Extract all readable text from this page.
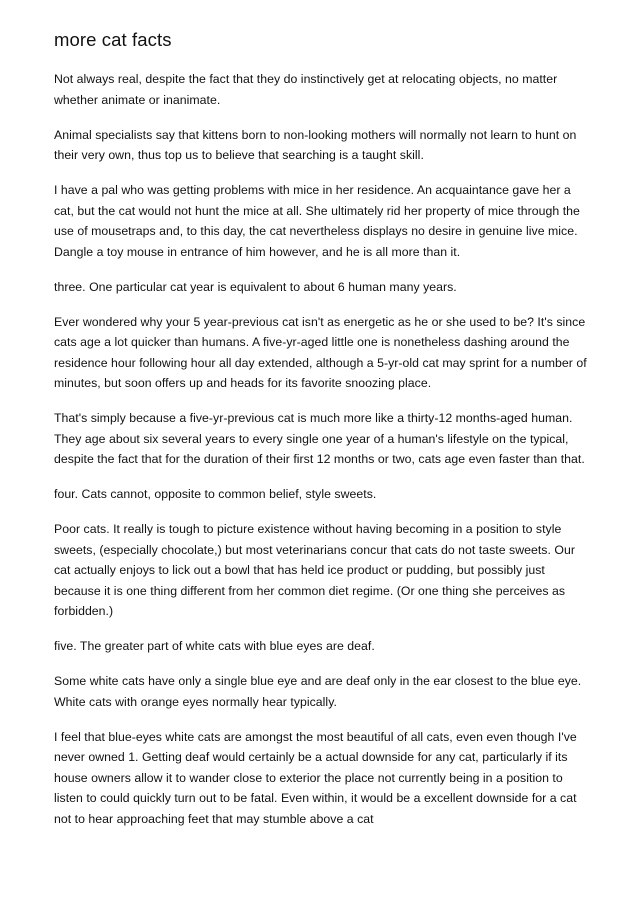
more cat facts

Not always real, despite the fact that they do instinctively get at relocating objects, no matter whether animate or inanimate.

Animal specialists say that kittens born to non-looking mothers will normally not learn to hunt on their very own, thus top us to believe that searching is a taught skill.

I have a pal who was getting problems with mice in her residence. An acquaintance gave her a cat, but the cat would not hunt the mice at all. She ultimately rid her property of mice through the use of mousetraps and, to this day, the cat nevertheless displays no desire in genuine live mice. Dangle a toy mouse in entrance of him however, and he is all more than it.

three. One particular cat year is equivalent to about 6 human many years.

Ever wondered why your 5 year-previous cat isn't as energetic as he or she used to be? It's since cats age a lot quicker than humans. A five-yr-aged little one is nonetheless dashing around the residence hour following hour all day extended, although a 5-yr-old cat may sprint for a number of minutes, but soon offers up and heads for its favorite snoozing place.

That's simply because a five-yr-previous cat is much more like a thirty-12 months-aged human. They age about six several years to every single one year of a human's lifestyle on the typical, despite the fact that for the duration of their first 12 months or two, cats age even faster than that.

four. Cats cannot, opposite to common belief, style sweets.

Poor cats. It really is tough to picture existence without having becoming in a position to style sweets, (especially chocolate,) but most veterinarians concur that cats do not taste sweets. Our cat actually enjoys to lick out a bowl that has held ice product or pudding, but possibly just because it is one thing different from her common diet regime. (Or one thing she perceives as forbidden.)

five. The greater part of white cats with blue eyes are deaf.

Some white cats have only a single blue eye and are deaf only in the ear closest to the blue eye. White cats with orange eyes normally hear typically.

I feel that blue-eyes white cats are amongst the most beautiful of all cats, even even though I've never owned 1. Getting deaf would certainly be a actual downside for any cat, particularly if its house owners allow it to wander close to exterior the place not currently being in a position to listen to could quickly turn out to be fatal. Even within, it would be a excellent downside for a cat not to hear approaching feet that may stumble above a cat
